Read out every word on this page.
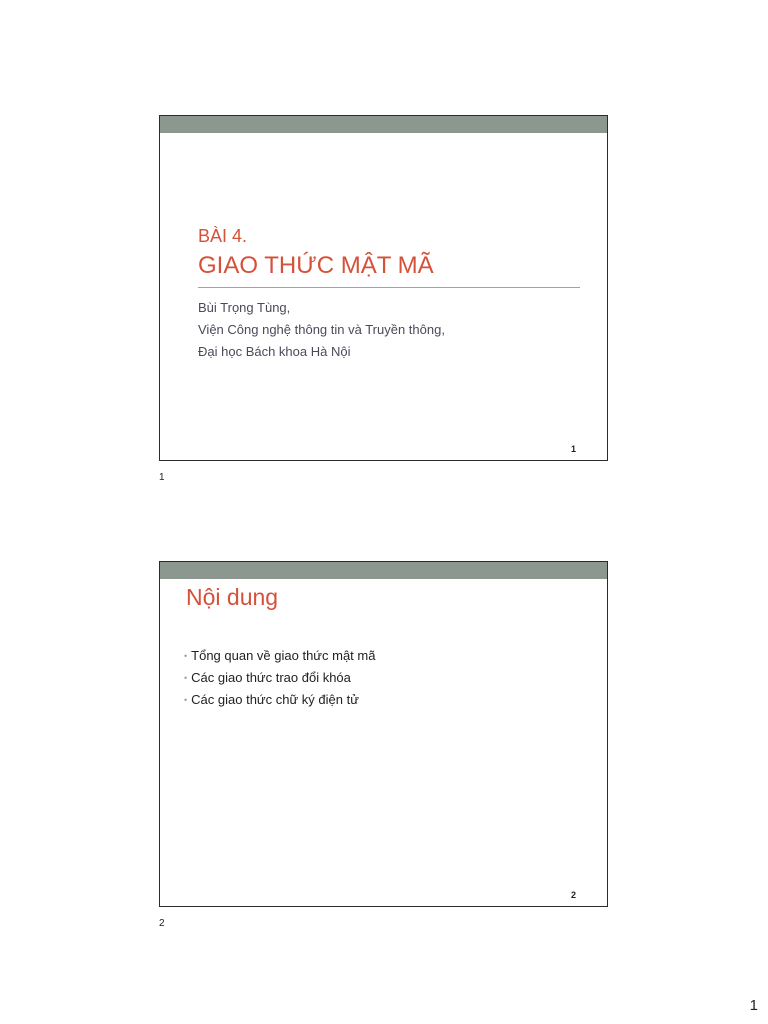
BÀI 4.
GIAO THỨC MẬT MÃ
Bùi Trọng Tùng,
Viện Công nghệ thông tin và Truyền thông,
Đại học Bách khoa Hà Nội
1
1
Nội dung
• Tổng quan về giao thức mật mã
• Các giao thức trao đổi khóa
• Các giao thức chữ ký điện tử
2
2
1
